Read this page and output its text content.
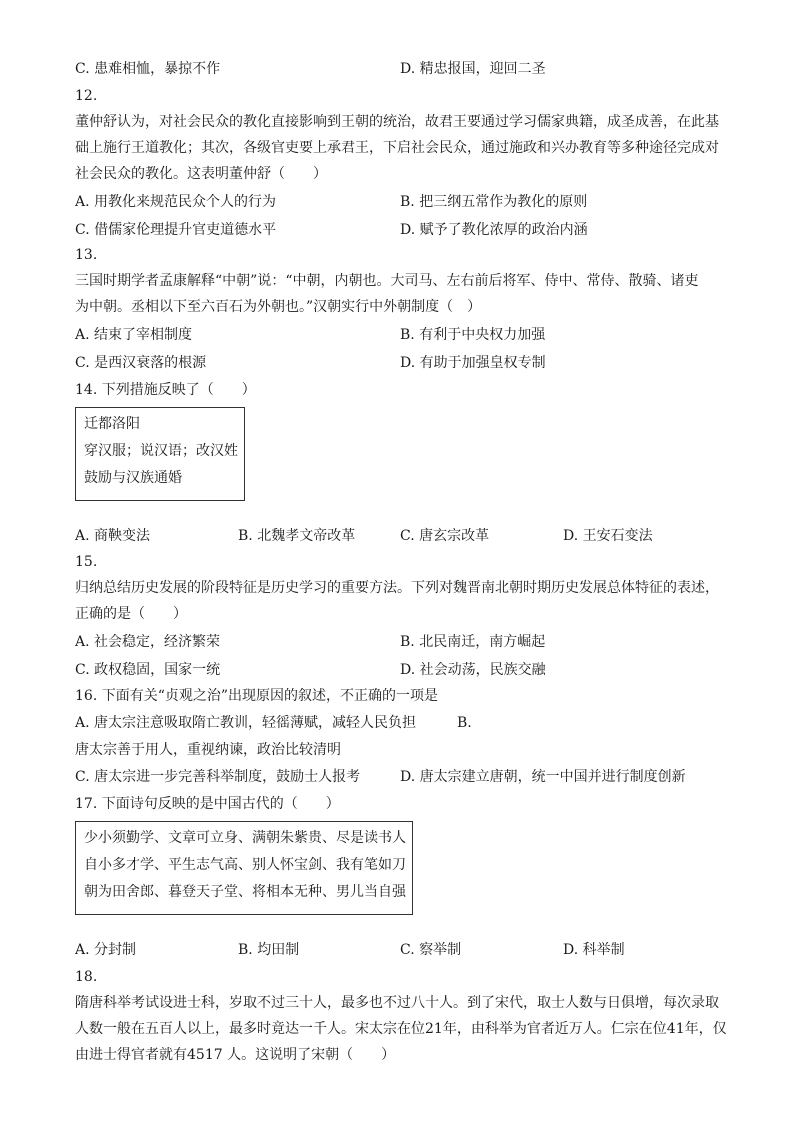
C. 患难相恤，暴掠不作	D. 精忠报国，迎回二圣
12.
董仲舒认为，对社会民众的教化直接影响到王朝的统治，故君王要通过学习儒家典籍，成圣成善，在此基
础上施行王道教化；其次，各级官吏要上承君王，下启社会民众，通过施政和兴办教育等多种途径完成对
社会民众的教化。这表明董仲舒（　　）
A. 用教化来规范民众个人的行为	B. 把三纲五常作为教化的原则
C. 借儒家伦理提升官吏道德水平	D. 赋予了教化浓厚的政治内涵
13.
三国时期学者孟康解释“中朝”说：“中朝，内朝也。大司马、左右前后将军、侍中、常侍、散骑、诸吏
为中朝。丞相以下至六百石为外朝也。”汉朝实行中外朝制度（　）
A. 结束了宰相制度	B. 有利于中央权力加强
C. 是西汉衰落的根源	D. 有助于加强皇权专制
14. 下列措施反映了（　　）
迁都洛阳
穿汉服；说汉语；改汉姓
鼓励与汉族通婚
A. 商鞅变法	B. 北魏孝文帝改革	C. 唐玄宗改革	D. 王安石变法
15.
归纳总结历史发展的阶段特征是历史学习的重要方法。下列对魏晋南北朝时期历史发展总体特征的表述，
正确的是（　　）
A. 社会稳定，经济繁荣	B. 北民南迁，南方崛起
C. 政权稳固，国家一统	D. 社会动荡，民族交融
16. 下面有关“贞观之治”出现原因的叙述，不正确的一项是
A. 唐太宗注意吸取隋亡教训，轻徭薄赋，减轻人民负担	B.
唐太宗善于用人，重视纳谏，政治比较清明
C. 唐太宗进一步完善科举制度，鼓励士人报考	D. 唐太宗建立唐朝，统一中国并进行制度创新
17. 下面诗句反映的是中国古代的（　　）
少小须勤学、文章可立身、满朝朱紫贵、尽是读书人
自小多才学、平生志气高、别人怀宝剑、我有笔如刀
朝为田舍郎、暮登天子堂、将相本无种、男儿当自强
A. 分封制	B. 均田制	C. 察举制	D. 科举制
18.
隋唐科举考试设进士科，岁取不过三十人，最多也不过八十人。到了宋代，取士人数与日俱增，每次录取
人数一般在五百人以上，最多时竟达一千人。宋太宗在位21年，由科举为官者近万人。仁宗在位41年，仅
由进士得官者就有4517 人。这说明了宋朝（　　）
